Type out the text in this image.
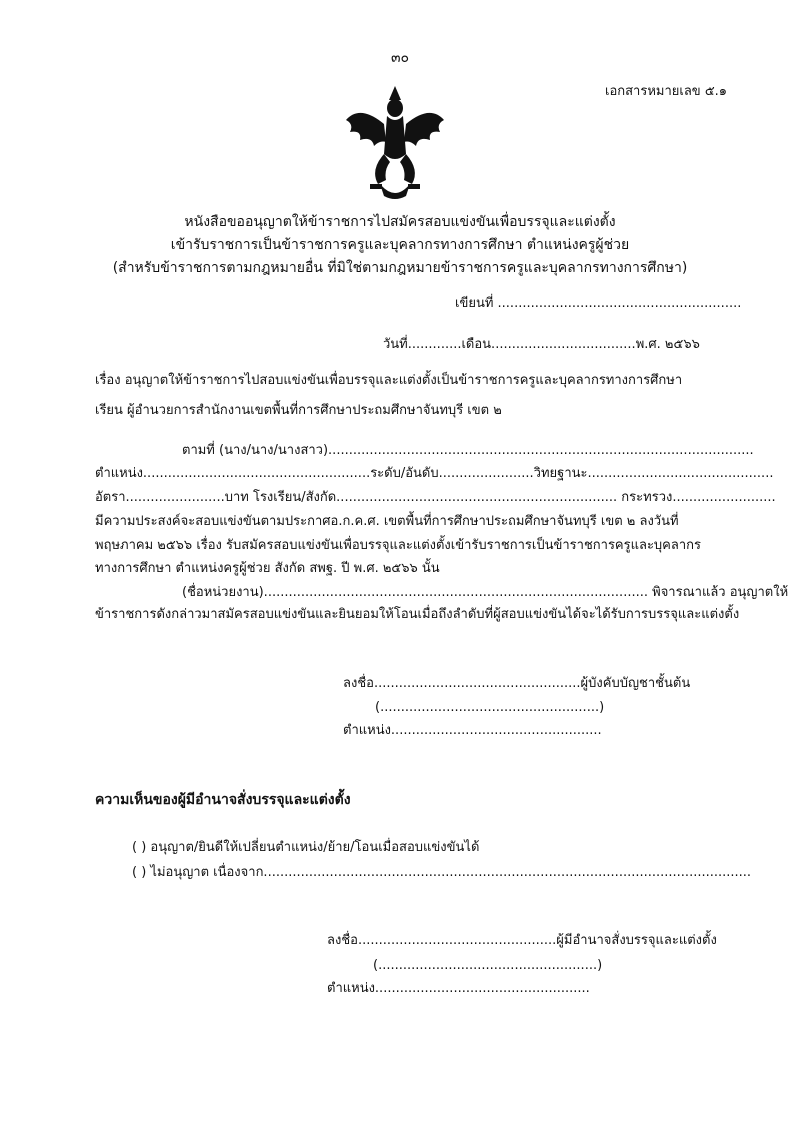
๓๐
เอกสารหมายเลข ๕.๑
หนังสือขออนุญาตให้ข้าราชการไปสมัครสอบแข่งขันเพื่อบรรจุและแต่งตั้ง
เข้ารับราชการเป็นข้าราชการครูและบุคลากรทางการศึกษา ตำแหน่งครูผู้ช่วย
(สำหรับข้าราชการตามกฎหมายอื่น ที่มิใช่ตามกฎหมายข้าราชการครูและบุคลากรทางการศึกษา)
เขียนที่ ...........................................................
วันที่.............เดือน...................................พ.ศ. ๒๕๖๖
เรื่อง อนุญาตให้ข้าราชการไปสอบแข่งขันเพื่อบรรจุและแต่งตั้งเป็นข้าราชการครูและบุคลากรทางการศึกษา
เรียน ผู้อำนวยการสำนักงานเขตพื้นที่การศึกษาประถมศึกษาจันทบุรี เขต ๒
ตามที่ (นาง/นาง/นางสาว).......................................................................................................
ตำแหน่ง.......................................................ระดับ/อันดับ.......................วิทยฐานะ.............................................
อัตรา........................บาท โรงเรียน/สังกัด.................................................................... กระทรวง.........................
มีความประสงค์จะสอบแข่งขันตามประกาศอ.ก.ค.ศ. เขตพื้นที่การศึกษาประถมศึกษาจันทบุรี เขต ๒ ลงวันที่
พฤษภาคม ๒๕๖๖ เรื่อง รับสมัครสอบแข่งขันเพื่อบรรจุและแต่งตั้งเข้ารับราชการเป็นข้าราชการครูและบุคลากร
ทางการศึกษา ตำแหน่งครูผู้ช่วย สังกัด สพฐ. ปี พ.ศ. ๒๕๖๖ นั้น
(ชื่อหน่วยงาน)............................................................................................. พิจารณาแล้ว อนุญาตให้
ข้าราชการดังกล่าวมาสมัครสอบแข่งขันและยินยอมให้โอนเมื่อถึงลำดับที่ผู้สอบแข่งขันได้จะได้รับการบรรจุและแต่งตั้ง
ลงชื่อ..................................................ผู้บังคับบัญชาชั้นต้น
(.....................................................)
ตำแหน่ง...................................................
ความเห็นของผู้มีอำนาจสั่งบรรจุและแต่งตั้ง
( ) อนุญาต/ยินดีให้เปลี่ยนตำแหน่ง/ย้าย/โอนเมื่อสอบแข่งขันได้
( ) ไม่อนุญาต เนื่องจาก......................................................................................................................
ลงชื่อ................................................ผู้มีอำนาจสั่งบรรจุและแต่งตั้ง
(.....................................................)
ตำแหน่ง....................................................
